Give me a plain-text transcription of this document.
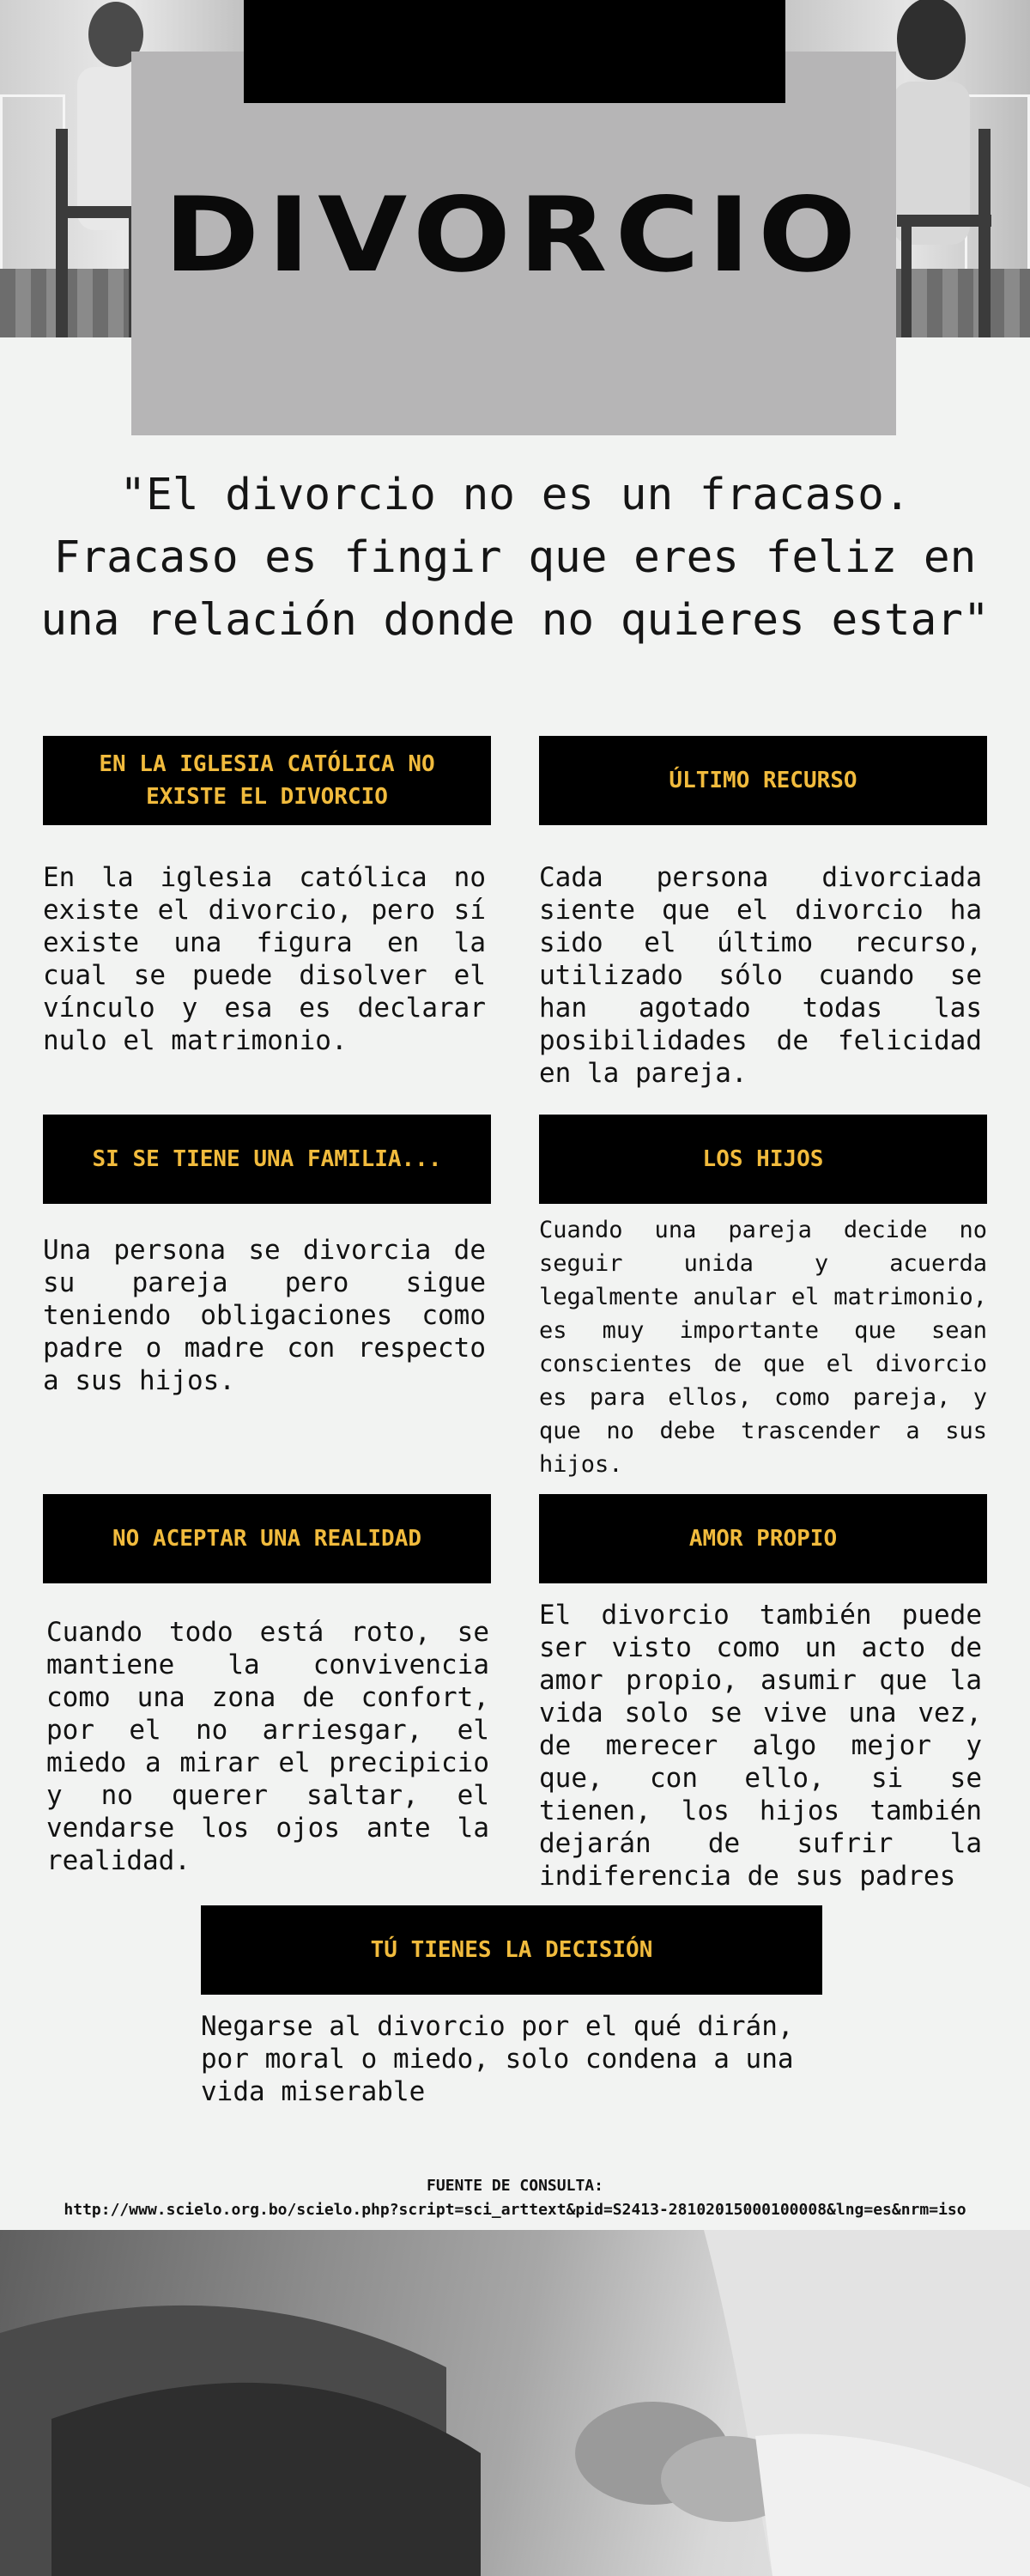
DIVORCIO

"El divorcio no es un fracaso. Fracaso es fingir que eres feliz en una relación donde no quieres estar"

EN LA IGLESIA CATÓLICA NO EXISTE EL DIVORCIO

En la iglesia católica no existe el divorcio, pero sí existe una figura en la cual se puede disolver el vínculo y esa es declarar nulo el matrimonio.

ÚLTIMO RECURSO

Cada persona divorciada siente que el divorcio ha sido el último recurso, utilizado sólo cuando se han agotado todas las posibilidades de felicidad en la pareja.

SI SE TIENE UNA FAMILIA...

Una persona se divorcia de su pareja pero sigue teniendo obligaciones como padre o madre con respecto a sus hijos.

LOS HIJOS

Cuando una pareja decide no seguir unida y acuerda legalmente anular el matrimonio, es muy importante que sean conscientes de que el divorcio es para ellos, como pareja, y que no debe trascender a sus hijos.

NO ACEPTAR UNA REALIDAD

Cuando todo está roto, se mantiene la convivencia como una zona de confort, por el no arriesgar, el miedo a mirar el precipicio y no querer saltar, el vendarse los ojos ante la realidad.

AMOR PROPIO

El divorcio también puede ser visto como un acto de amor propio, asumir que la vida solo se vive una vez, de merecer algo mejor y que, con ello, si se tienen, los hijos también dejarán de sufrir la indiferencia de sus padres

TÚ TIENES LA DECISIÓN

Negarse al divorcio por el qué dirán, por moral o miedo, solo condena a una vida miserable

FUENTE DE CONSULTA:
http://www.scielo.org.bo/scielo.php?script=sci_arttext&pid=S2413-28102015000100008&lng=es&nrm=iso
